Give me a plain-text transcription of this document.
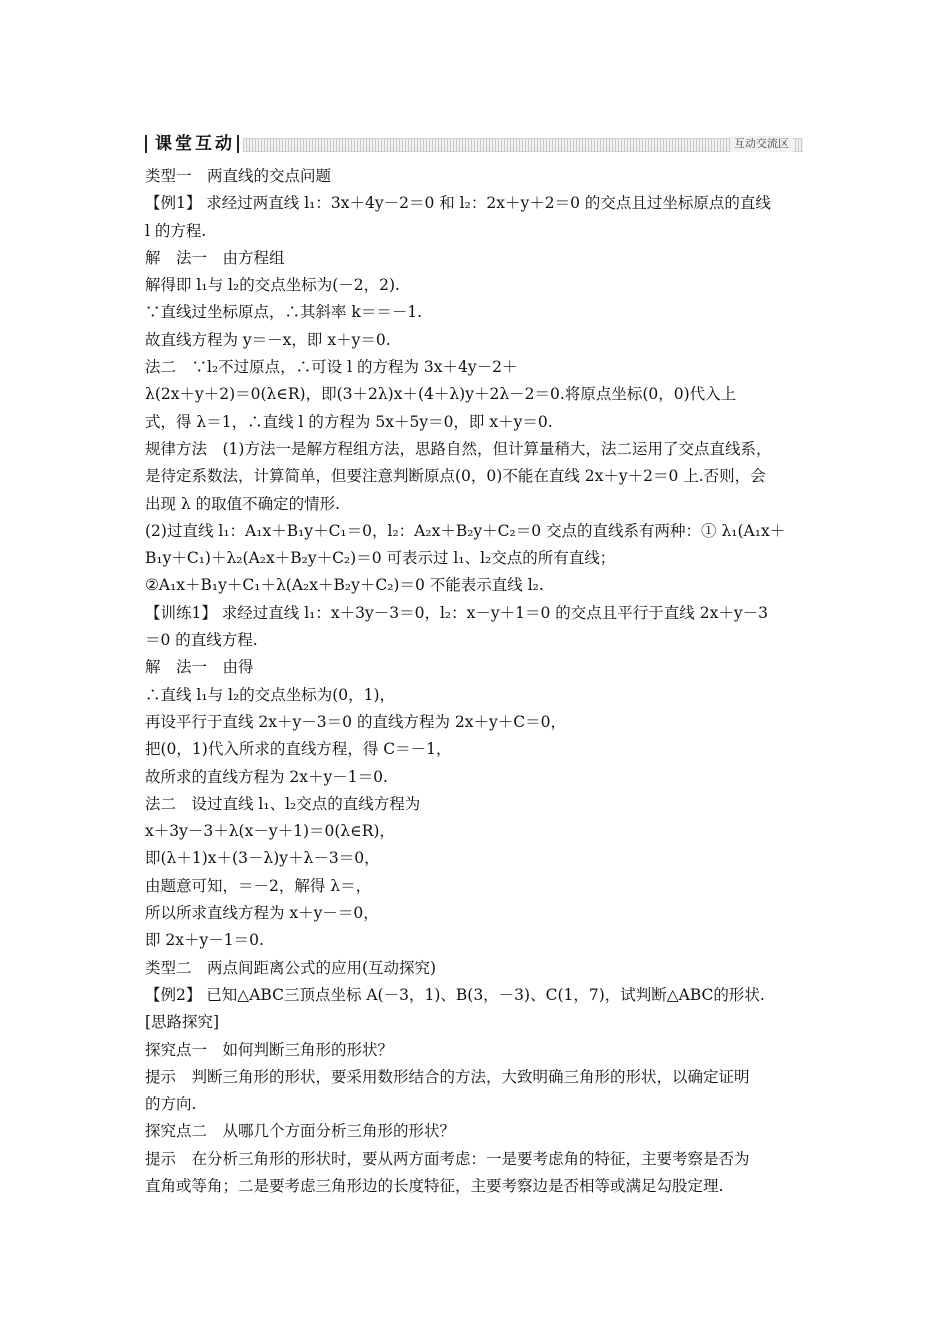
课堂互动	互动交流区
类型一　两直线的交点问题
【例1】 求经过两直线 l₁：3x＋4y－2＝0 和 l₂：2x＋y＋2＝0 的交点且过坐标原点的直线
l 的方程.
解　法一　由方程组
解得即 l₁与 l₂的交点坐标为(－2，2).
∵直线过坐标原点，∴其斜率 k＝＝－1.
故直线方程为 y＝－x，即 x＋y＝0.
法二　∵l₂不过原点，∴可设 l 的方程为 3x＋4y－2＋
λ(2x＋y＋2)＝0(λ∈R)，即(3＋2λ)x＋(4＋λ)y＋2λ－2＝0.将原点坐标(0，0)代入上
式，得 λ＝1，∴直线 l 的方程为 5x＋5y＝0，即 x＋y＝0.
规律方法　(1)方法一是解方程组方法，思路自然，但计算量稍大，法二运用了交点直线系，
是待定系数法，计算简单，但要注意判断原点(0，0)不能在直线 2x＋y＋2＝0 上.否则，会
出现 λ 的取值不确定的情形.
(2)过直线 l₁：A₁x＋B₁y＋C₁＝0，l₂：A₂x＋B₂y＋C₂＝0 交点的直线系有两种：① λ₁(A₁x＋
B₁y＋C₁)＋λ₂(A₂x＋B₂y＋C₂)＝0 可表示过 l₁、l₂交点的所有直线；
②A₁x＋B₁y＋C₁＋λ(A₂x＋B₂y＋C₂)＝0 不能表示直线 l₂.
【训练1】 求经过直线 l₁：x＋3y－3＝0，l₂：x－y＋1＝0 的交点且平行于直线 2x＋y－3
＝0 的直线方程.
解　法一　由得
∴直线 l₁与 l₂的交点坐标为(0，1)，
再设平行于直线 2x＋y－3＝0 的直线方程为 2x＋y＋C＝0，
把(0，1)代入所求的直线方程，得 C＝－1，
故所求的直线方程为 2x＋y－1＝0.
法二　设过直线 l₁、l₂交点的直线方程为
x＋3y－3＋λ(x－y＋1)＝0(λ∈R)，
即(λ＋1)x＋(3－λ)y＋λ－3＝0，
由题意可知，＝－2，解得 λ＝，
所以所求直线方程为 x＋y－＝0，
即 2x＋y－1＝0.
类型二　两点间距离公式的应用(互动探究)
【例2】 已知△ABC三顶点坐标 A(－3，1)、B(3，－3)、C(1，7)，试判断△ABC的形状.
[思路探究]
探究点一　如何判断三角形的形状？
提示　判断三角形的形状，要采用数形结合的方法，大致明确三角形的形状，以确定证明
的方向.
探究点二　从哪几个方面分析三角形的形状？
提示　在分析三角形的形状时，要从两方面考虑：一是要考虑角的特征，主要考察是否为
直角或等角；二是要考虑三角形边的长度特征，主要考察边是否相等或满足勾股定理.
